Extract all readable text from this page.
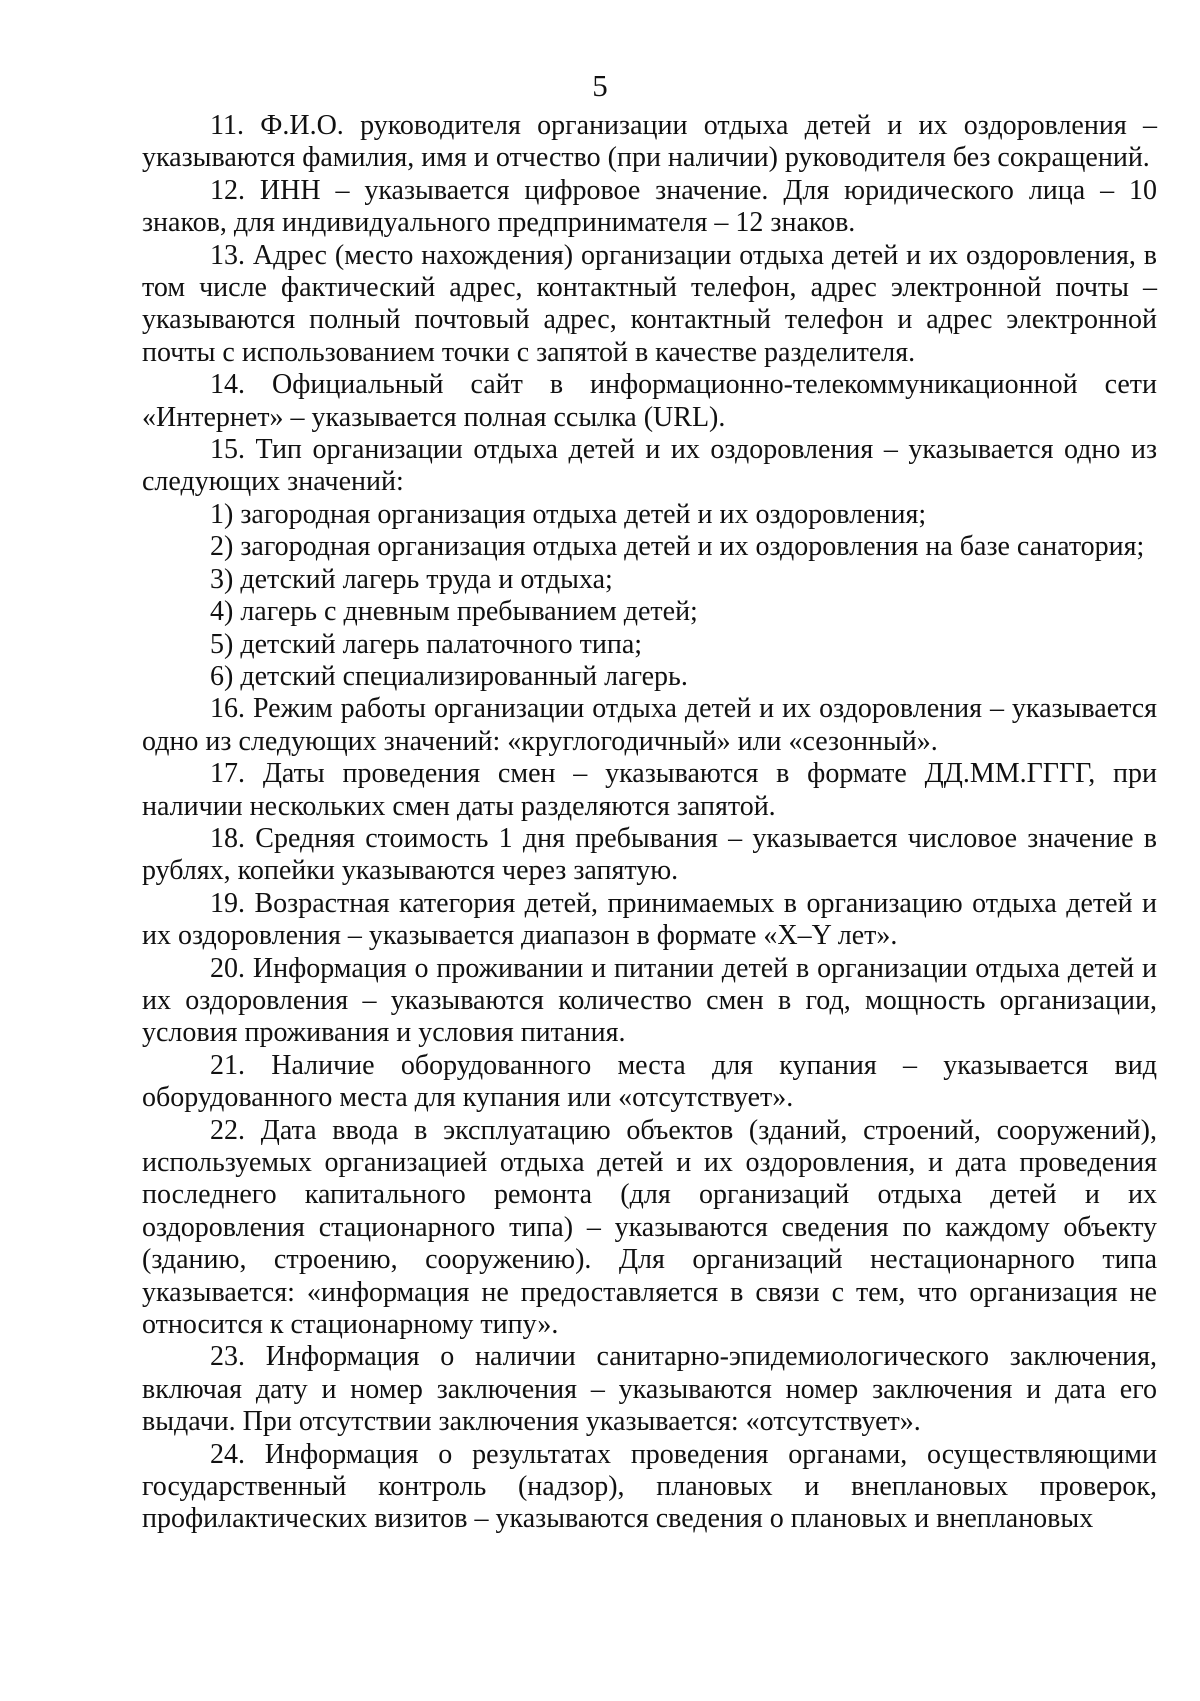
5

11. Ф.И.О. руководителя организации отдыха детей и их оздоровления – указываются фамилия, имя и отчество (при наличии) руководителя без сокращений.

12. ИНН – указывается цифровое значение. Для юридического лица – 10 знаков, для индивидуального предпринимателя – 12 знаков.

13. Адрес (место нахождения) организации отдыха детей и их оздоровления, в том числе фактический адрес, контактный телефон, адрес электронной почты – указываются полный почтовый адрес, контактный телефон и адрес электронной почты с использованием точки с запятой в качестве разделителя.

14. Официальный сайт в информационно-телекоммуникационной сети «Интернет» – указывается полная ссылка (URL).

15. Тип организации отдыха детей и их оздоровления – указывается одно из следующих значений:

1) загородная организация отдыха детей и их оздоровления;

2) загородная организация отдыха детей и их оздоровления на базе санатория;

3) детский лагерь труда и отдыха;

4) лагерь с дневным пребыванием детей;

5) детский лагерь палаточного типа;

6) детский специализированный лагерь.

16. Режим работы организации отдыха детей и их оздоровления – указывается одно из следующих значений: «круглогодичный» или «сезонный».

17. Даты проведения смен – указываются в формате ДД.ММ.ГГГГ, при наличии нескольких смен даты разделяются запятой.

18. Средняя стоимость 1 дня пребывания – указывается числовое значение в рублях, копейки указываются через запятую.

19. Возрастная категория детей, принимаемых в организацию отдыха детей и их оздоровления – указывается диапазон в формате «X–Y лет».

20. Информация о проживании и питании детей в организации отдыха детей и их оздоровления – указываются количество смен в год, мощность организации, условия проживания и условия питания.

21. Наличие оборудованного места для купания – указывается вид оборудованного места для купания или «отсутствует».

22. Дата ввода в эксплуатацию объектов (зданий, строений, сооружений), используемых организацией отдыха детей и их оздоровления, и дата проведения последнего капитального ремонта (для организаций отдыха детей и их оздоровления стационарного типа) – указываются сведения по каждому объекту (зданию, строению, сооружению). Для организаций нестационарного типа указывается: «информация не предоставляется в связи с тем, что организация не относится к стационарному типу».

23. Информация о наличии санитарно-эпидемиологического заключения, включая дату и номер заключения – указываются номер заключения и дата его выдачи. При отсутствии заключения указывается: «отсутствует».

24. Информация о результатах проведения органами, осуществляющими государственный контроль (надзор), плановых и внеплановых проверок, профилактических визитов – указываются сведения о плановых и внеплановых
